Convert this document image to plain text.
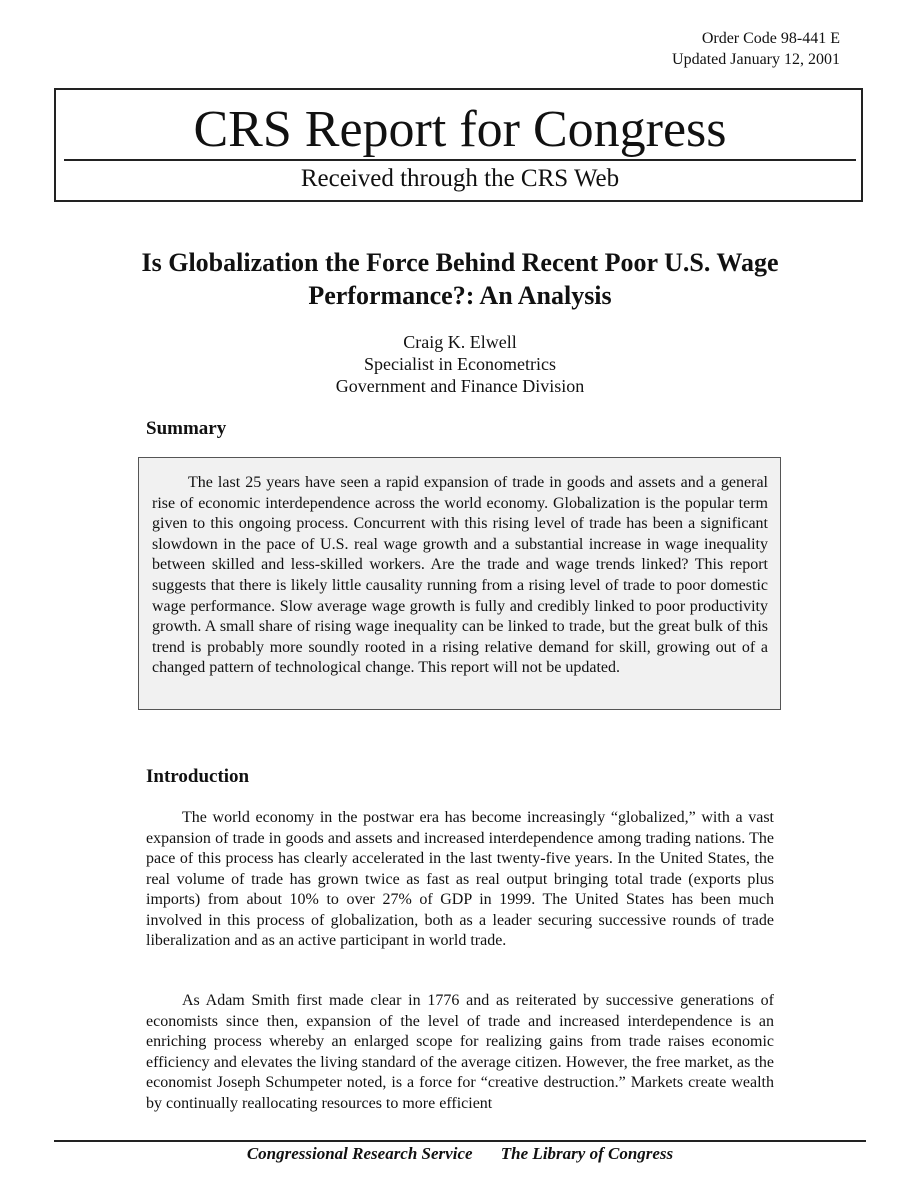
Order Code 98-441 E
Updated January 12, 2001
CRS Report for Congress
Received through the CRS Web
Is Globalization the Force Behind Recent Poor U.S. Wage Performance?: An Analysis
Craig K. Elwell
Specialist in Econometrics
Government and Finance Division
Summary

The last 25 years have seen a rapid expansion of trade in goods and assets and a general rise of economic interdependence across the world economy. Globalization is the popular term given to this ongoing process. Concurrent with this rising level of trade has been a significant slowdown in the pace of U.S. real wage growth and a substantial increase in wage inequality between skilled and less-skilled workers. Are the trade and wage trends linked? This report suggests that there is likely little causality running from a rising level of trade to poor domestic wage performance. Slow average wage growth is fully and credibly linked to poor productivity growth. A small share of rising wage inequality can be linked to trade, but the great bulk of this trend is probably more soundly rooted in a rising relative demand for skill, growing out of a changed pattern of technological change. This report will not be updated.

Introduction

The world economy in the postwar era has become increasingly “globalized,” with a vast expansion of trade in goods and assets and increased interdependence among trading nations. The pace of this process has clearly accelerated in the last twenty-five years. In the United States, the real volume of trade has grown twice as fast as real output bringing total trade (exports plus imports) from about 10% to over 27% of GDP in 1999. The United States has been much involved in this process of globalization, both as a leader securing successive rounds of trade liberalization and as an active participant in world trade.

As Adam Smith first made clear in 1776 and as reiterated by successive generations of economists since then, expansion of the level of trade and increased interdependence is an enriching process whereby an enlarged scope for realizing gains from trade raises economic efficiency and elevates the living standard of the average citizen. However, the free market, as the economist Joseph Schumpeter noted, is a force for “creative destruction.” Markets create wealth by continually reallocating resources to more efficient

Congressional Research Service The Library of Congress
